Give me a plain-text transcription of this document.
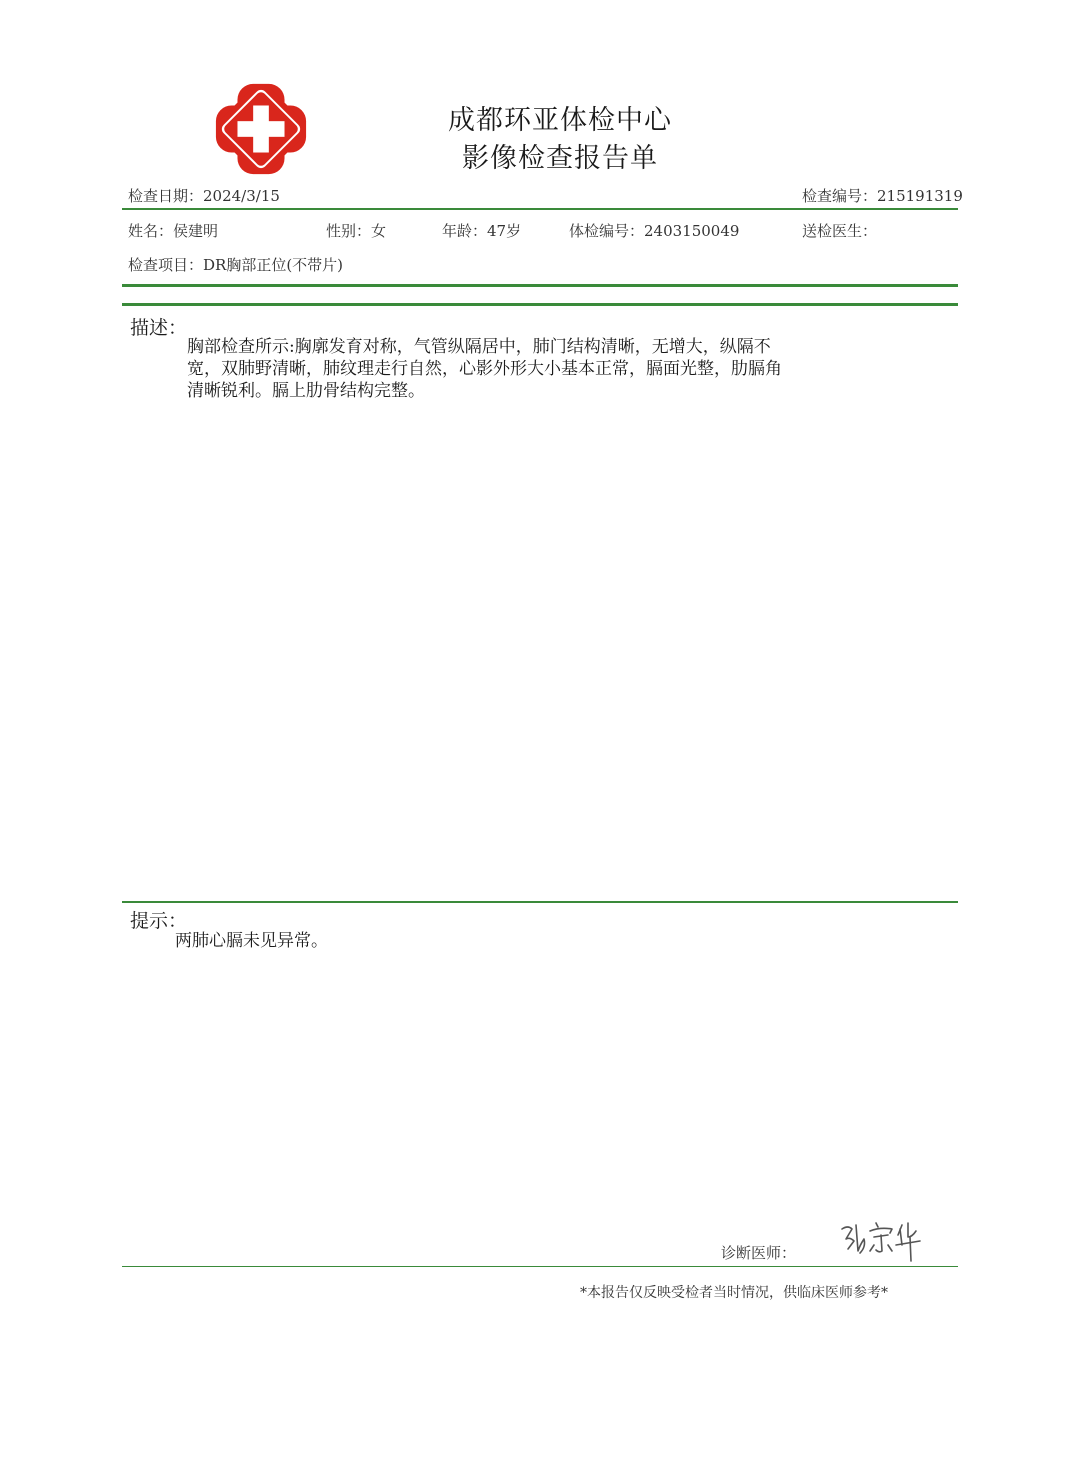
成都环亚体检中心
影像检查报告单
检查日期：2024/3/15	检查编号：215191319
姓名：侯建明	性别：女	年龄：47岁	体检编号：2403150049	送检医生：
检查项目：DR胸部正位(不带片)
描述：
胸部检查所示:胸廓发育对称，气管纵隔居中，肺门结构清晰，无增大，纵隔不
宽，双肺野清晰，肺纹理走行自然，心影外形大小基本正常，膈面光整，肋膈角
清晰锐利。膈上肋骨结构完整。
提示：
两肺心膈未见异常。
诊断医师：
*本报告仅反映受检者当时情况，供临床医师参考*
